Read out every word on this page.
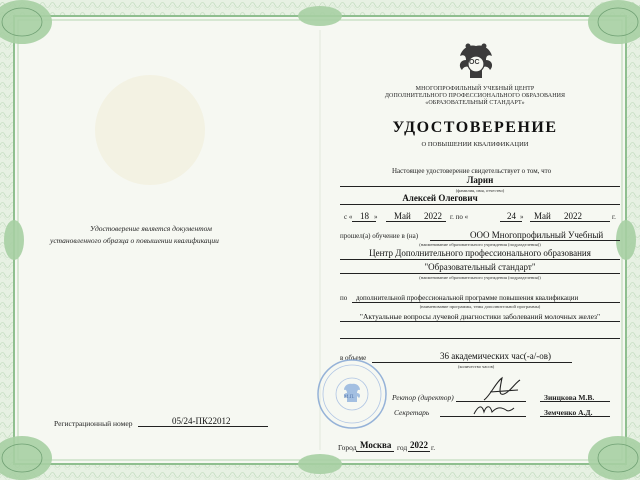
ОС
МНОГОПРОФИЛЬНЫЙ УЧЕБНЫЙ ЦЕНТР
ДОПОЛНИТЕЛЬНОГО ПРОФЕССИОНАЛЬНОГО ОБРАЗОВАНИЯ
«ОБРАЗОВАТЕЛЬНЫЙ СТАНДАРТ»
УДОСТОВЕРЕНИЕ
О ПОВЫШЕНИИ КВАЛИФИКАЦИИ
Настоящее удостоверение свидетельствует о том, что
Ларин
(фамилия, имя, отчество)
Алексей Олегович
с « 18 » Май 2022 г. по «	24 » Май 2022	г.
прошел(а) обучение в (на)	ООО Многопрофильный Учебный
(наименование образовательного учреждения (подразделения))
Центр Дополнительного профессионального образования
"Образовательный стандарт"
(наименование образовательного учреждения (подразделения))
по дополнительной профессиональной программе повышения квалификации
(наименование программы, темы дополнительной программы)
"Актуальные вопросы лучевой диагностики заболеваний молочных желез"
в объеме	36 академических час(-а/-ов)
(количество часов)
М.П.	Ректор (директор)	Зинцкова М.В.
Секретарь	Земченко А.Д.
Удостоверение является документом
установленного образца о повышении квалификации
Регистрационный номер	05/24-ПК22012
Город Москва год 2022 г.
